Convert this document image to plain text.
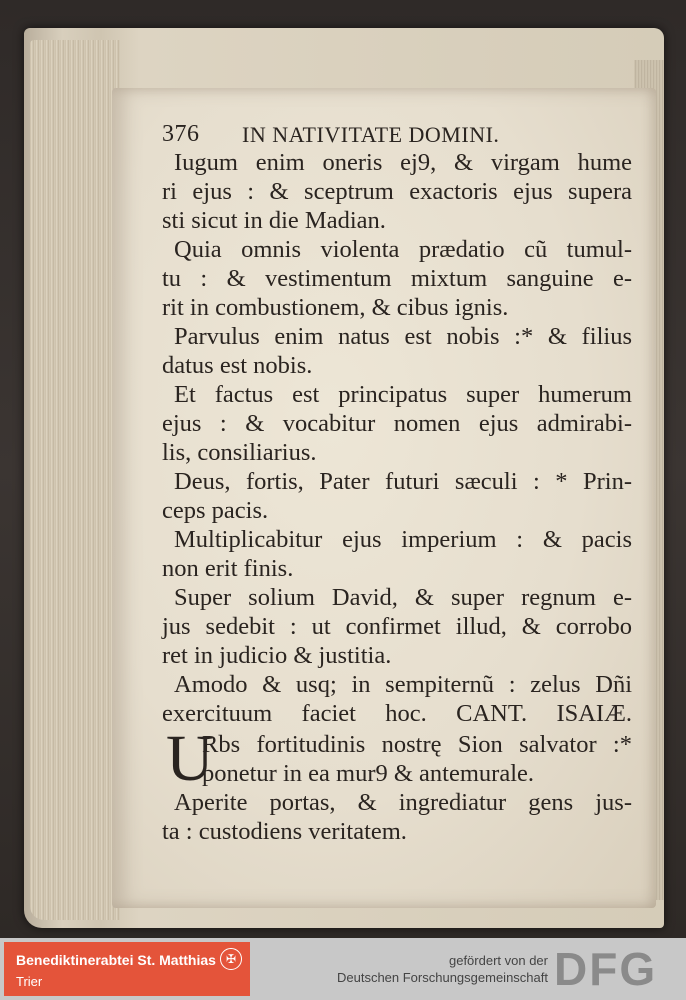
376	IN NATIVITATE DOMINI.
Iugum enim oneris ej9, & virgam hume
ri ejus : & sceptrum exactoris ejus supera
sti sicut in die Madian.
Quia omnis violenta prædatio cũ tumul-
tu : & vestimentum mixtum sanguine e-
rit in combustionem, & cibus ignis.
Parvulus enim natus est nobis :* & filius
datus est nobis.
Et factus est principatus super humerum
ejus : & vocabitur nomen ejus admirabi-
lis, consiliarius.
Deus, fortis, Pater futuri sæculi : * Prin-
ceps pacis.
Multiplicabitur ejus imperium : & pacis
non erit finis.
Super solium David, & super regnum e-
jus sedebit : ut confirmet illud, & corrobo
ret in judicio & justitia.
Amodo & usq; in sempiternũ : zelus Dñi
exercituum faciet hoc. CANT. ISAIÆ.
U
Rbs fortitudinis nostrę Sion salvator :*
ponetur in ea mur9 & antemurale.
Aperite portas, & ingrediatur gens jus-
ta : custodiens veritatem.
Benediktinerabtei St. Matthias
Trier
✠	gefördert von der
Deutschen Forschungsgemeinschaft DFG
